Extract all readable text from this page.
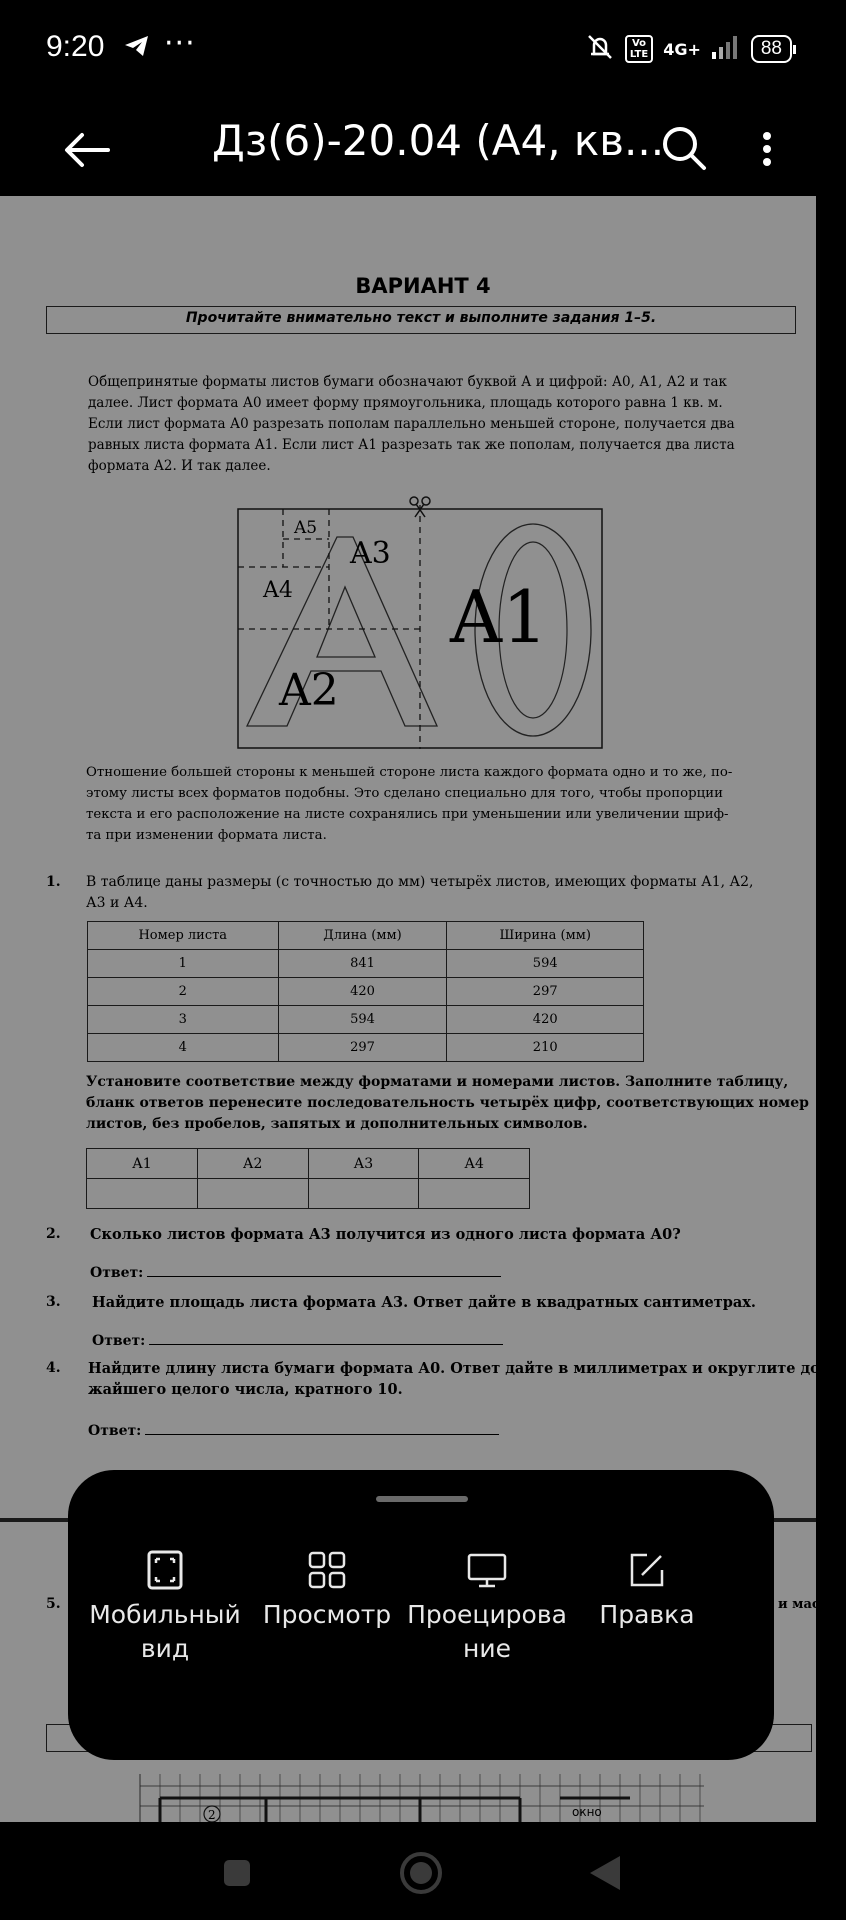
9:20 ···	Vo
LTE 4G+	88
Дз(6)-20.04 (А4, кв...
ВАРИАНТ 4
Прочитайте внимательно текст и выполните задания 1–5.
Общепринятые форматы листов бумаги обозначают буквой А и цифрой: А0, А1, А2 и так
далее. Лист формата А0 имеет форму прямоугольника, площадь которого равна 1 кв. м.
Если лист формата А0 разрезать пополам параллельно меньшей стороне, получается два
равных листа формата А1. Если лист А1 разрезать так же пополам, получается два листа
формата А2. И так далее.
A5
A3
A4 A1
A2
Отношение большей стороны к меньшей стороне листа каждого формата одно и то же, по-
этому листы всех форматов подобны. Это сделано специально для того, чтобы пропорции
текста и его расположение на листе сохранялись при уменьшении или увеличении шриф-
та при изменении формата листа.
1. В таблице даны размеры (с точностью до мм) четырёх листов, имеющих форматы А1, А2,
А3 и А4.
Номер листа	Длина (мм)	Ширина (мм)
1	841	594
2	420	297
3	594	420
4	297	210
Установите соответствие между форматами и номерами листов. Заполните таблицу,
бланк ответов перенесите последовательность четырёх цифр, соответствующих номер
листов, без пробелов, запятых и дополнительных символов.
А1	А2	А3	А4

2. Сколько листов формата А3 получится из одного листа формата А0?
Ответ:
3. Найдите площадь листа формата А3. Ответ дайте в квадратных сантиметрах.
Ответ:
4. Найдите длину листа бумаги формата А0. Ответ дайте в миллиметрах и округлите до б
жайшего целого числа, кратного 10.
Ответ:
5.	и масс
2	окно
Мобильный
вид
Просмотр Проецирова
ние
Правка
